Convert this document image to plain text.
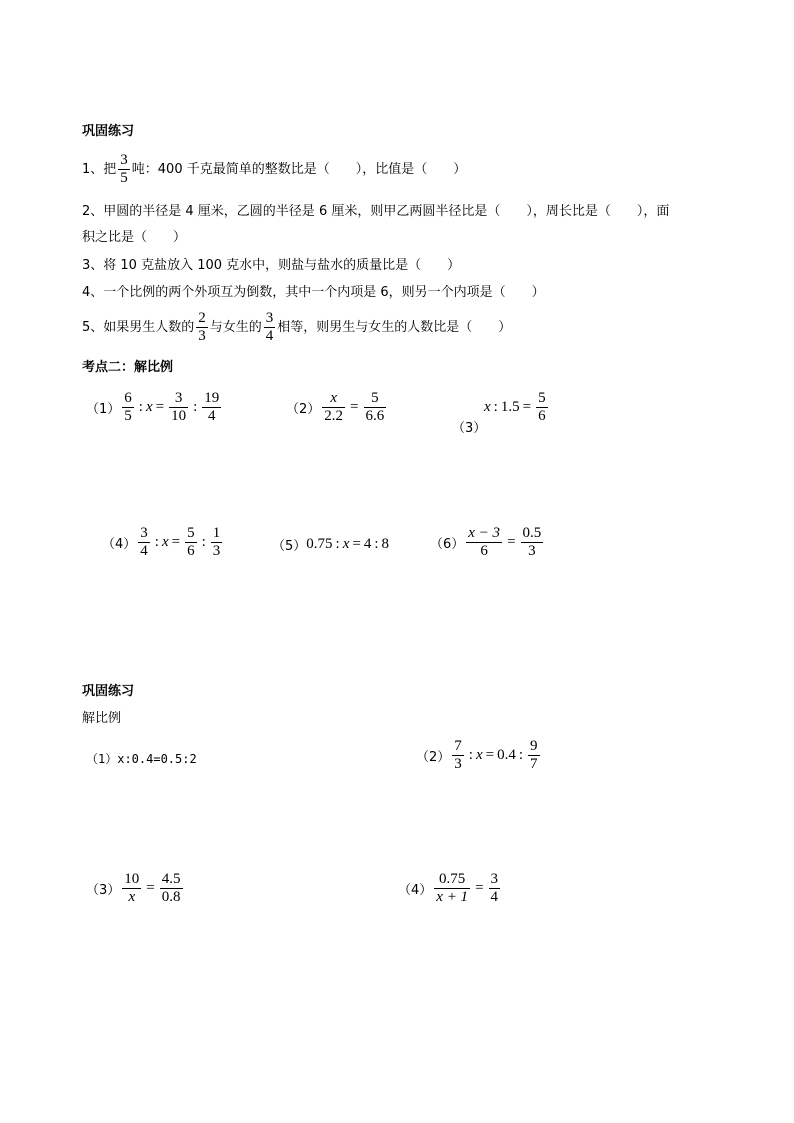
巩固练习
1、把 $\frac{3}{5}$ 吨：400 千克最简单的整数比是（　　），比值是（　　）
2、甲圆的半径是 4 厘米，乙圆的半径是 6 厘米，则甲乙两圆半径比是（　　），周长比是（　　），面
积之比是（　　）
3、将 10 克盐放入 100 克水中，则盐与盐水的质量比是（　　）
4、一个比例的两个外项互为倒数，其中一个内项是 6，则另一个内项是（　　）
5、如果男生人数的 $\frac{2}{3}$ 与女生的 $\frac{3}{4}$ 相等，则男生与女生的人数比是（　　）
考点二：解比例
$(1) \frac{6}{5}$ : $x = \frac{3}{10}$ : $\frac{19}{4}$	$(2) \frac{x}{2.2} = \frac{5}{6.6}$
（3）
x : $1.5 = \frac{5}{6}$
$(4) \frac{3}{4}$ : $x = \frac{5}{6}$ : $\frac{1}{3}$	（5） 0.75 : x = 4 : 8	$(6) \frac{x - 3}{6} = \frac{0.5}{3}$
巩固练习
解比例
（1）x:0.4=0.5:2	$(2) \frac{7}{3}$ : x = 0.4 : $\frac{9}{7}$
$(3) \frac{10}{x} = \frac{4.5}{0.8}$	$(4) \frac{0.75}{x + 1} = \frac{3}{4}$
